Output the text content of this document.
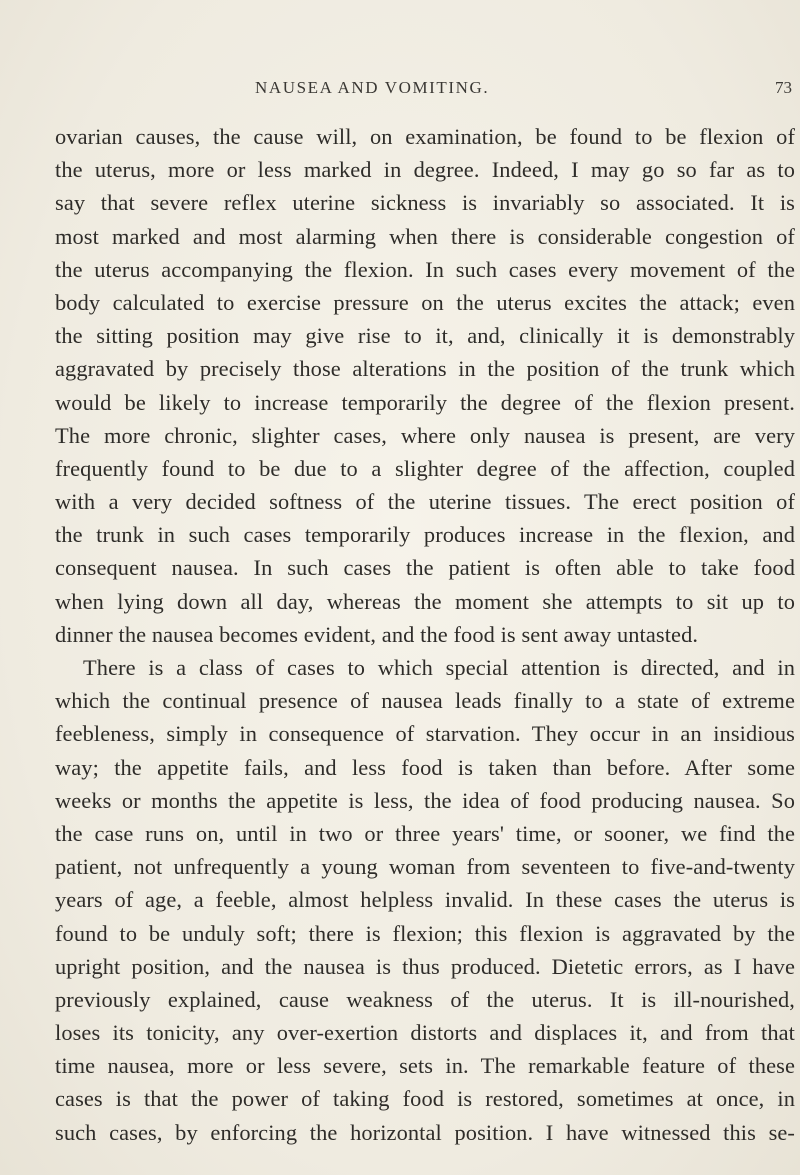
NAUSEA AND VOMITING.	73
ovarian causes, the cause will, on examination, be found to be flexion of
the uterus, more or less marked in degree. Indeed, I may go so far as to
say that severe reflex uterine sickness is invariably so associated. It is
most marked and most alarming when there is considerable congestion of
the uterus accompanying the flexion. In such cases every movement of the
body calculated to exercise pressure on the uterus excites the attack; even
the sitting position may give rise to it, and, clinically it is demonstrably
aggravated by precisely those alterations in the position of the trunk which
would be likely to increase temporarily the degree of the flexion present.
The more chronic, slighter cases, where only nausea is present, are very
frequently found to be due to a slighter degree of the affection, coupled
with a very decided softness of the uterine tissues. The erect position of
the trunk in such cases temporarily produces increase in the flexion, and
consequent nausea. In such cases the patient is often able to take food
when lying down all day, whereas the moment she attempts to sit up to
dinner the nausea becomes evident, and the food is sent away untasted.
There is a class of cases to which special attention is directed, and in
which the continual presence of nausea leads finally to a state of extreme
feebleness, simply in consequence of starvation. They occur in an insidious
way; the appetite fails, and less food is taken than before. After some
weeks or months the appetite is less, the idea of food producing nausea. So
the case runs on, until in two or three years' time, or sooner, we find the
patient, not unfrequently a young woman from seventeen to five-and-twenty
years of age, a feeble, almost helpless invalid. In these cases the uterus is
found to be unduly soft; there is flexion; this flexion is aggravated by the
upright position, and the nausea is thus produced. Dietetic errors, as I have
previously explained, cause weakness of the uterus. It is ill-nourished,
loses its tonicity, any over-exertion distorts and displaces it, and from that
time nausea, more or less severe, sets in. The remarkable feature of these
cases is that the power of taking food is restored, sometimes at once, in
such cases, by enforcing the horizontal position. I have witnessed this se-
